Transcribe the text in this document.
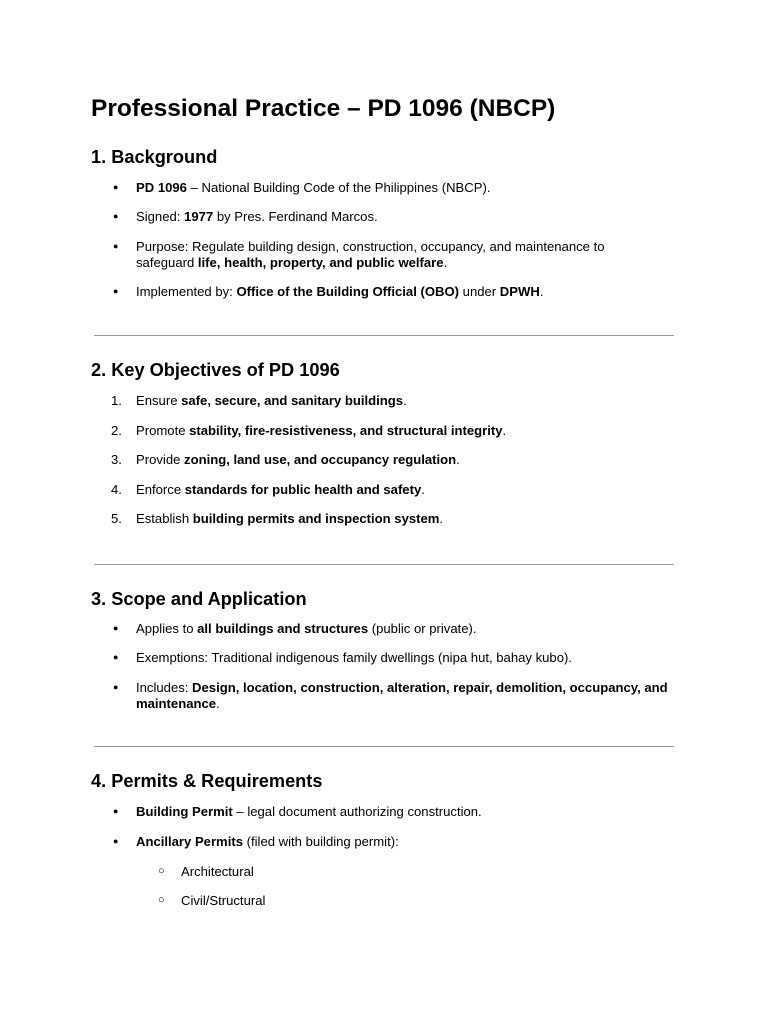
Professional Practice – PD 1096 (NBCP)
1. Background
● PD 1096 – National Building Code of the Philippines (NBCP).
● Signed: 1977 by Pres. Ferdinand Marcos.
● Purpose: Regulate building design, construction, occupancy, and maintenance to safeguard life, health, property, and public welfare.
● Implemented by: Office of the Building Official (OBO) under DPWH.
2. Key Objectives of PD 1096
1. Ensure safe, secure, and sanitary buildings.
2. Promote stability, fire-resistiveness, and structural integrity.
3. Provide zoning, land use, and occupancy regulation.
4. Enforce standards for public health and safety.
5. Establish building permits and inspection system.
3. Scope and Application
● Applies to all buildings and structures (public or private).
● Exemptions: Traditional indigenous family dwellings (nipa hut, bahay kubo).
● Includes: Design, location, construction, alteration, repair, demolition, occupancy, and maintenance.
4. Permits & Requirements
● Building Permit – legal document authorizing construction.
● Ancillary Permits (filed with building permit):
○ Architectural
○ Civil/Structural
